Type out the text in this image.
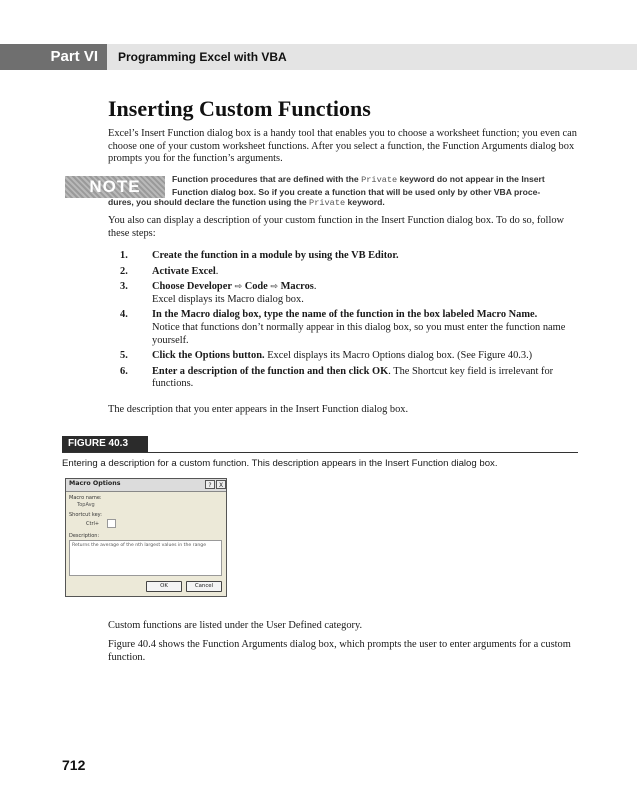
Part VI	Programming Excel with VBA
Inserting Custom Functions

Excel’s Insert Function dialog box is a handy tool that enables you to choose a worksheet function; you even can choose one of your custom worksheet functions. After you select a function, the Function Arguments dialog box prompts you for the function’s arguments.

NOTE	Function procedures that are defined with the Private keyword do not appear in the Insert
Function dialog box. So if you create a function that will be used only by other VBA proce-

dures, you should declare the function using the Private keyword.

You also can display a description of your custom function in the Insert Function dialog box. To do so, follow these steps:

1. Create the function in a module by using the VB Editor.
2. Activate Excel.
3. Choose Developer ⇨ Code ⇨ Macros.
Excel displays its Macro dialog box.
4. In the Macro dialog box, type the name of the function in the box labeled Macro Name.
Notice that functions don’t normally appear in this dialog box, so you must enter the function name yourself.
5. Click the Options button. Excel displays its Macro Options dialog box. (See Figure 40.3.)
6. Enter a description of the function and then click OK. The Shortcut key field is irrelevant for functions.

The description that you enter appears in the Insert Function dialog box.

FIGURE 40.3

Entering a description for a custom function. This description appears in the Insert Function dialog box.

Macro Options	?	X
Macro name:
TopAvg
Shortcut key:
Ctrl+
Description:
Returns the average of the nth largest values in the range
OK	Cancel

Custom functions are listed under the User Defined category.

Figure 40.4 shows the Function Arguments dialog box, which prompts the user to enter arguments for a custom function.

712
